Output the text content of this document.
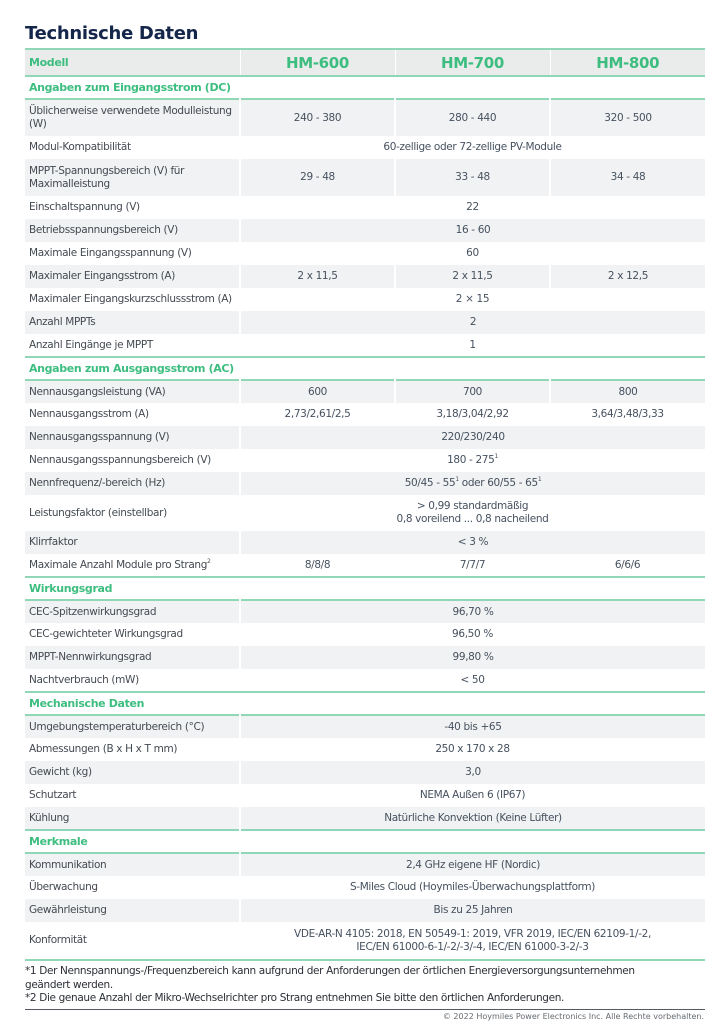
Technische Daten
Modell	HM-600	HM-700	HM-800
Angaben zum Eingangsstrom (DC)			
Üblicherweise verwendete Modulleistung (W)	240 - 380	280 - 440	320 - 500
Modul-Kompatibilität	60-zellige oder 72-zellige PV-Module		
MPPT-Spannungsbereich (V) für Maximalleistung	29 - 48	33 - 48	34 - 48
Einschaltspannung (V)	22		
Betriebsspannungsbereich (V)	16 - 60		
Maximale Eingangsspannung (V)	60		
Maximaler Eingangsstrom (A)	2 x 11,5	2 x 11,5	2 x 12,5
Maximaler Eingangskurzschlussstrom (A)	2 × 15		
Anzahl MPPTs	2		
Anzahl Eingänge je MPPT	1		
Angaben zum Ausgangsstrom (AC)			
Nennausgangsleistung (VA)	600	700	800
Nennausgangsstrom (A)	2,73/2,61/2,5	3,18/3,04/2,92	3,64/3,48/3,33
Nennausgangsspannung (V)	220/230/240		
Nennausgangsspannungsbereich (V)	$180 - 275^1$
Nennfrequenz/-bereich (Hz)	$50/45 - 55^1$ oder $60/55 - 65^1$
Leistungsfaktor (einstellbar)	> 0,99 standardmäßig
0,8 voreilend ... 0,8 nacheilend		

Klirrfaktor	< 3 %		
Maximale Anzahl Module pro Strang$^2$	8/8/8	7/7/7	6/6/6
Wirkungsgrad			
CEC-Spitzenwirkungsgrad	96,70 %		
CEC-gewichteter Wirkungsgrad	96,50 %		
MPPT-Nennwirkungsgrad	99,80 %		
Nachtverbrauch (mW)	< 50		
Mechanische Daten			
Umgebungstemperaturbereich (°C)	-40 bis +65		
Abmessungen (B x H x T mm)	250 x 170 x 28		
Gewicht (kg)	3,0		
Schutzart	NEMA Außen 6 (IP67)		
Kühlung	Natürliche Konvektion (Keine Lüfter)		
Merkmale			
Kommunikation	2,4 GHz eigene HF (Nordic)		
Überwachung	S-Miles Cloud (Hoymiles-Überwachungsplattform)		
Gewährleistung	Bis zu 25 Jahren		
Konformität	VDE-AR-N 4105: 2018, EN 50549-1: 2019, VFR 2019, IEC/EN 62109-1/-2,
IEC/EN 61000-6-1/-2/-3/-4, IEC/EN 61000-3-2/-3		
*1 Der Nennspannungs-/Frequenzbereich kann aufgrund der Anforderungen der örtlichen Energieversorgungsunternehmen
geändert werden.
*2 Die genaue Anzahl der Mikro-Wechselrichter pro Strang entnehmen Sie bitte den örtlichen Anforderungen.
© 2022 Hoymiles Power Electronics Inc. Alle Rechte vorbehalten.
